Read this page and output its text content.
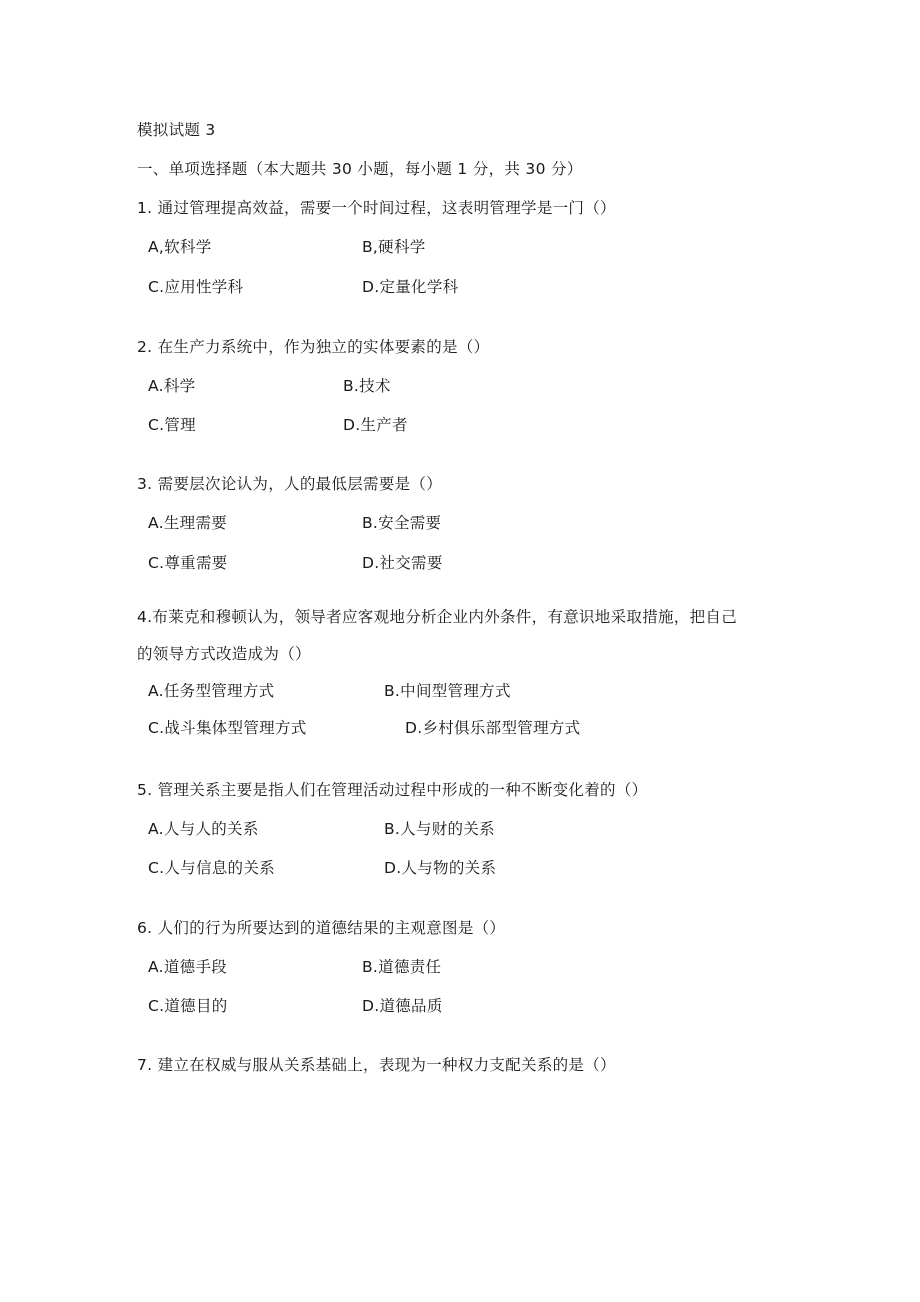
模拟试题 3
一、单项选择题（本大题共 30 小题，每小题 1 分，共 30 分）
1. 通过管理提高效益，需要一个时间过程，这表明管理学是一门（）
A,软科学	B,硬科学
C.应用性学科	D.定量化学科
2. 在生产力系统中，作为独立的实体要素的是（）
A.科学	B.技术
C.管理	D.生产者
3. 需要层次论认为，人的最低层需要是（）
A.生理需要	B.安全需要
C.尊重需要	D.社交需要
4.布莱克和穆顿认为，领导者应客观地分析企业内外条件，有意识地采取措施，把自己
的领导方式改造成为（）
A.任务型管理方式	B.中间型管理方式
C.战斗集体型管理方式	D.乡村俱乐部型管理方式
5. 管理关系主要是指人们在管理活动过程中形成的一种不断变化着的（）
A.人与人的关系	B.人与财的关系
C.人与信息的关系	D.人与物的关系
6. 人们的行为所要达到的道德结果的主观意图是（）
A.道德手段	B.道德责任
C.道德目的	D.道德品质
7. 建立在权威与服从关系基础上，表现为一种权力支配关系的是（）
